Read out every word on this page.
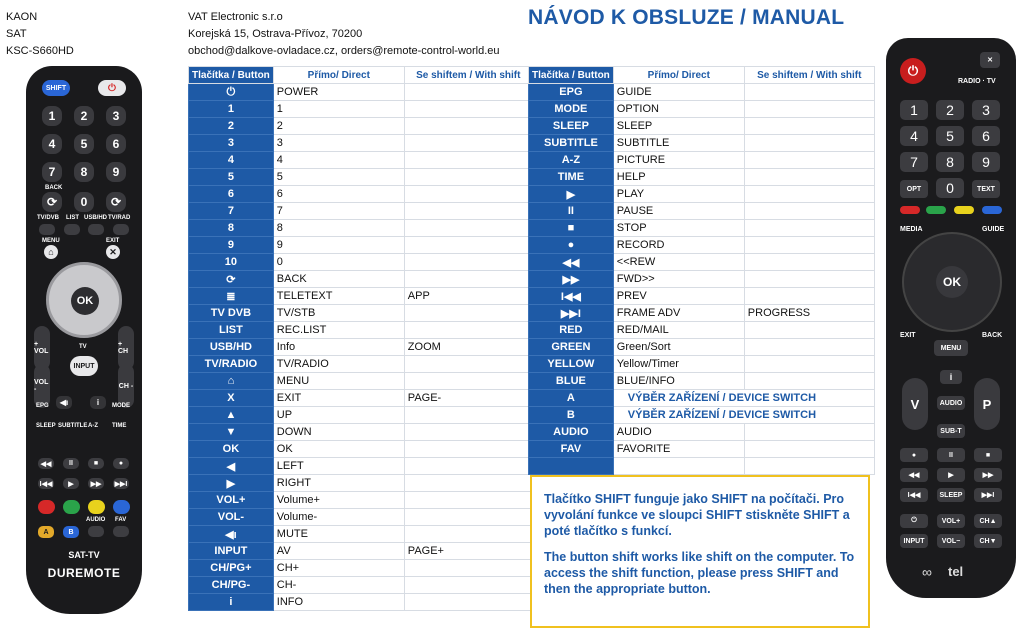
KAON
SAT
KSC-S660HD
VAT Electronic s.r.o
Korejská 15, Ostrava-Přívoz, 70200
obchod@dalkove-ovladace.cz, orders@remote-control-world.eu
NÁVOD K OBSLUZE / MANUAL
Tlačítka / Button	Přímo/ Direct	Se shiftem / With shift
⏻	POWER	
1	1	
2	2	
3	3	
4	4	
5	5	
6	6	
7	7	
8	8	
9	9	
10	0	
⟳	BACK	
≣	TELETEXT	APP
TV DVB	TV/STB	
LIST	REC.LIST	
USB/HD	Info	ZOOM
TV/RADIO	TV/RADIO	
⌂	MENU	
X	EXIT	PAGE-
▲	UP	
▼	DOWN	
OK	OK	
◀	LEFT	
▶	RIGHT	
VOL+	Volume+	
VOL-	Volume-	
◀ı	MUTE	
INPUT	AV	PAGE+
CH/PG+	CH+	
CH/PG-	CH-	
i	INFO	
Tlačítka / Button	Přímo/ Direct	Se shiftem / With shift
EPG	GUIDE	
MODE	OPTION	
SLEEP	SLEEP	
SUBTITLE	SUBTITLE	
A-Z	PICTURE	
TIME	HELP	
▶	PLAY	
II	PAUSE	
■	STOP	
●	RECORD	
◀◀	<<REW	
▶▶	FWD>>	
I◀◀	PREV	
▶▶I	FRAME ADV	PROGRESS
RED	RED/MAIL	
GREEN	Green/Sort	
YELLOW	Yellow/Timer	
BLUE	BLUE/INFO	
A	VÝBĚR ZAŘÍZENÍ / DEVICE SWITCH	
B	VÝBĚR ZAŘÍZENÍ / DEVICE SWITCH	
AUDIO	AUDIO	
FAV	FAVORITE	

Tlačítko SHIFT funguje jako SHIFT na počítači. Pro vyvolání funkce ve sloupci SHIFT stiskněte SHIFT a poté tlačítko s funkcí.

The button shift works like shift on the computer. To access the shift function, please press SHIFT and then the appropriate button.

SHIFT	⏻
1	2	3
4	5	6
7	8	9
BACK
⟳	0	⟳
TV/DVB LIST USB/HD TV/RAD
MENU	EXIT
⌂	✕
OK
+ VOL
VOL -
+ CH
CH -
TV
INPUT
◀ı	i
EPG	MODE
SLEEP SUBTITLE A-Z TIME
◀◀	II	■	●
I◀◀	▶	▶▶	▶▶I
AUDIO FAV
A	B
SAT-TV
DUREMOTE
⏻
✕
RADIO · TV
1	2	3
4	5	6
7	8	9
OPT	0	TEXT
MEDIA	GUIDE
OK
EXIT	BACK
MENU
i
V	P
AUDIO
SUB-T
●	II	■
◀◀	▶	▶▶
I◀◀	SLEEP	▶▶I
⏻	VOL+	CH▲
INPUT	VOL−	CH▼
∞	tel
